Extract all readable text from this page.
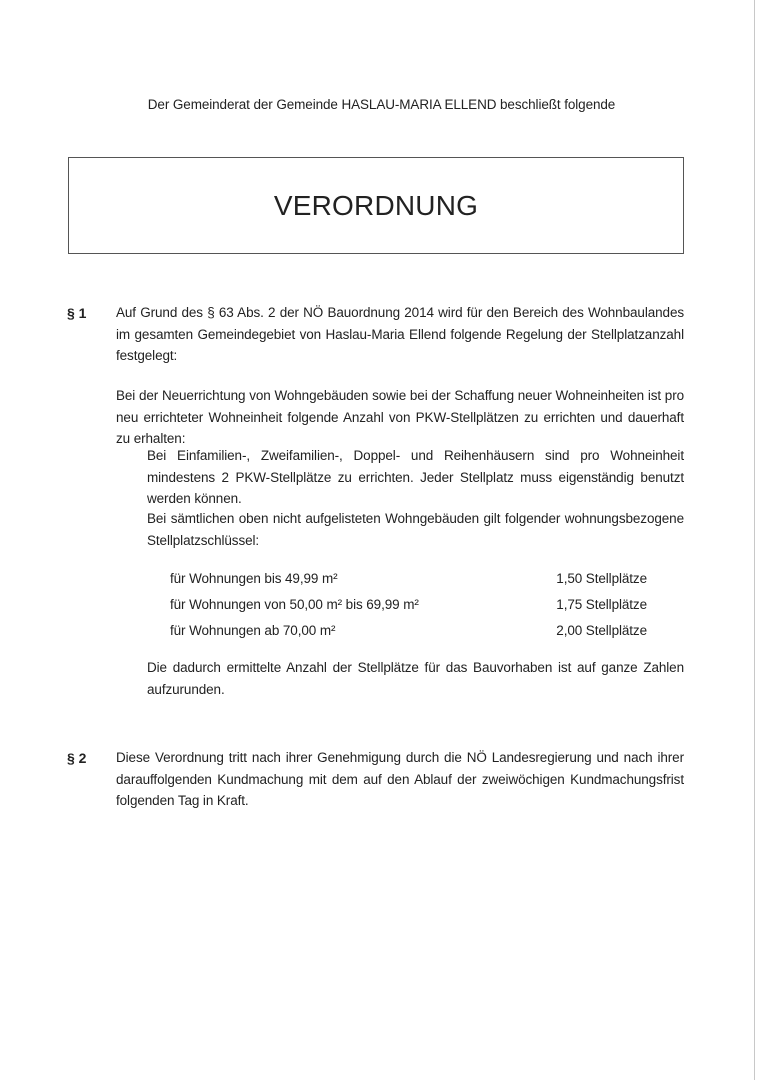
Der Gemeinderat der Gemeinde HASLAU-MARIA ELLEND beschließt folgende
VERORDNUNG
§ 1 Auf Grund des § 63 Abs. 2 der NÖ Bauordnung 2014 wird für den Bereich des Wohnbaulandes im gesamten Gemeindegebiet von Haslau-Maria Ellend folgende Regelung der Stellplatzanzahl festgelegt:
Bei der Neuerrichtung von Wohngebäuden sowie bei der Schaffung neuer Wohneinheiten ist pro neu errichteter Wohneinheit folgende Anzahl von PKW-Stellplätzen zu errichten und dauerhaft zu erhalten:
Bei Einfamilien-, Zweifamilien-, Doppel- und Reihenhäusern sind pro Wohneinheit mindestens 2 PKW-Stellplätze zu errichten. Jeder Stellplatz muss eigenständig benutzt werden können.
Bei sämtlichen oben nicht aufgelisteten Wohngebäuden gilt folgender wohnungsbezogene Stellplatzschlüssel:
für Wohnungen bis 49,99 m²	1,50 Stellplätze
für Wohnungen von 50,00 m² bis 69,99 m²	1,75 Stellplätze
für Wohnungen ab 70,00 m²	2,00 Stellplätze
Die dadurch ermittelte Anzahl der Stellplätze für das Bauvorhaben ist auf ganze Zahlen aufzurunden.
§ 2 Diese Verordnung tritt nach ihrer Genehmigung durch die NÖ Landesregierung und nach ihrer darauffolgenden Kundmachung mit dem auf den Ablauf der zweiwöchigen Kundmachungsfrist folgenden Tag in Kraft.
